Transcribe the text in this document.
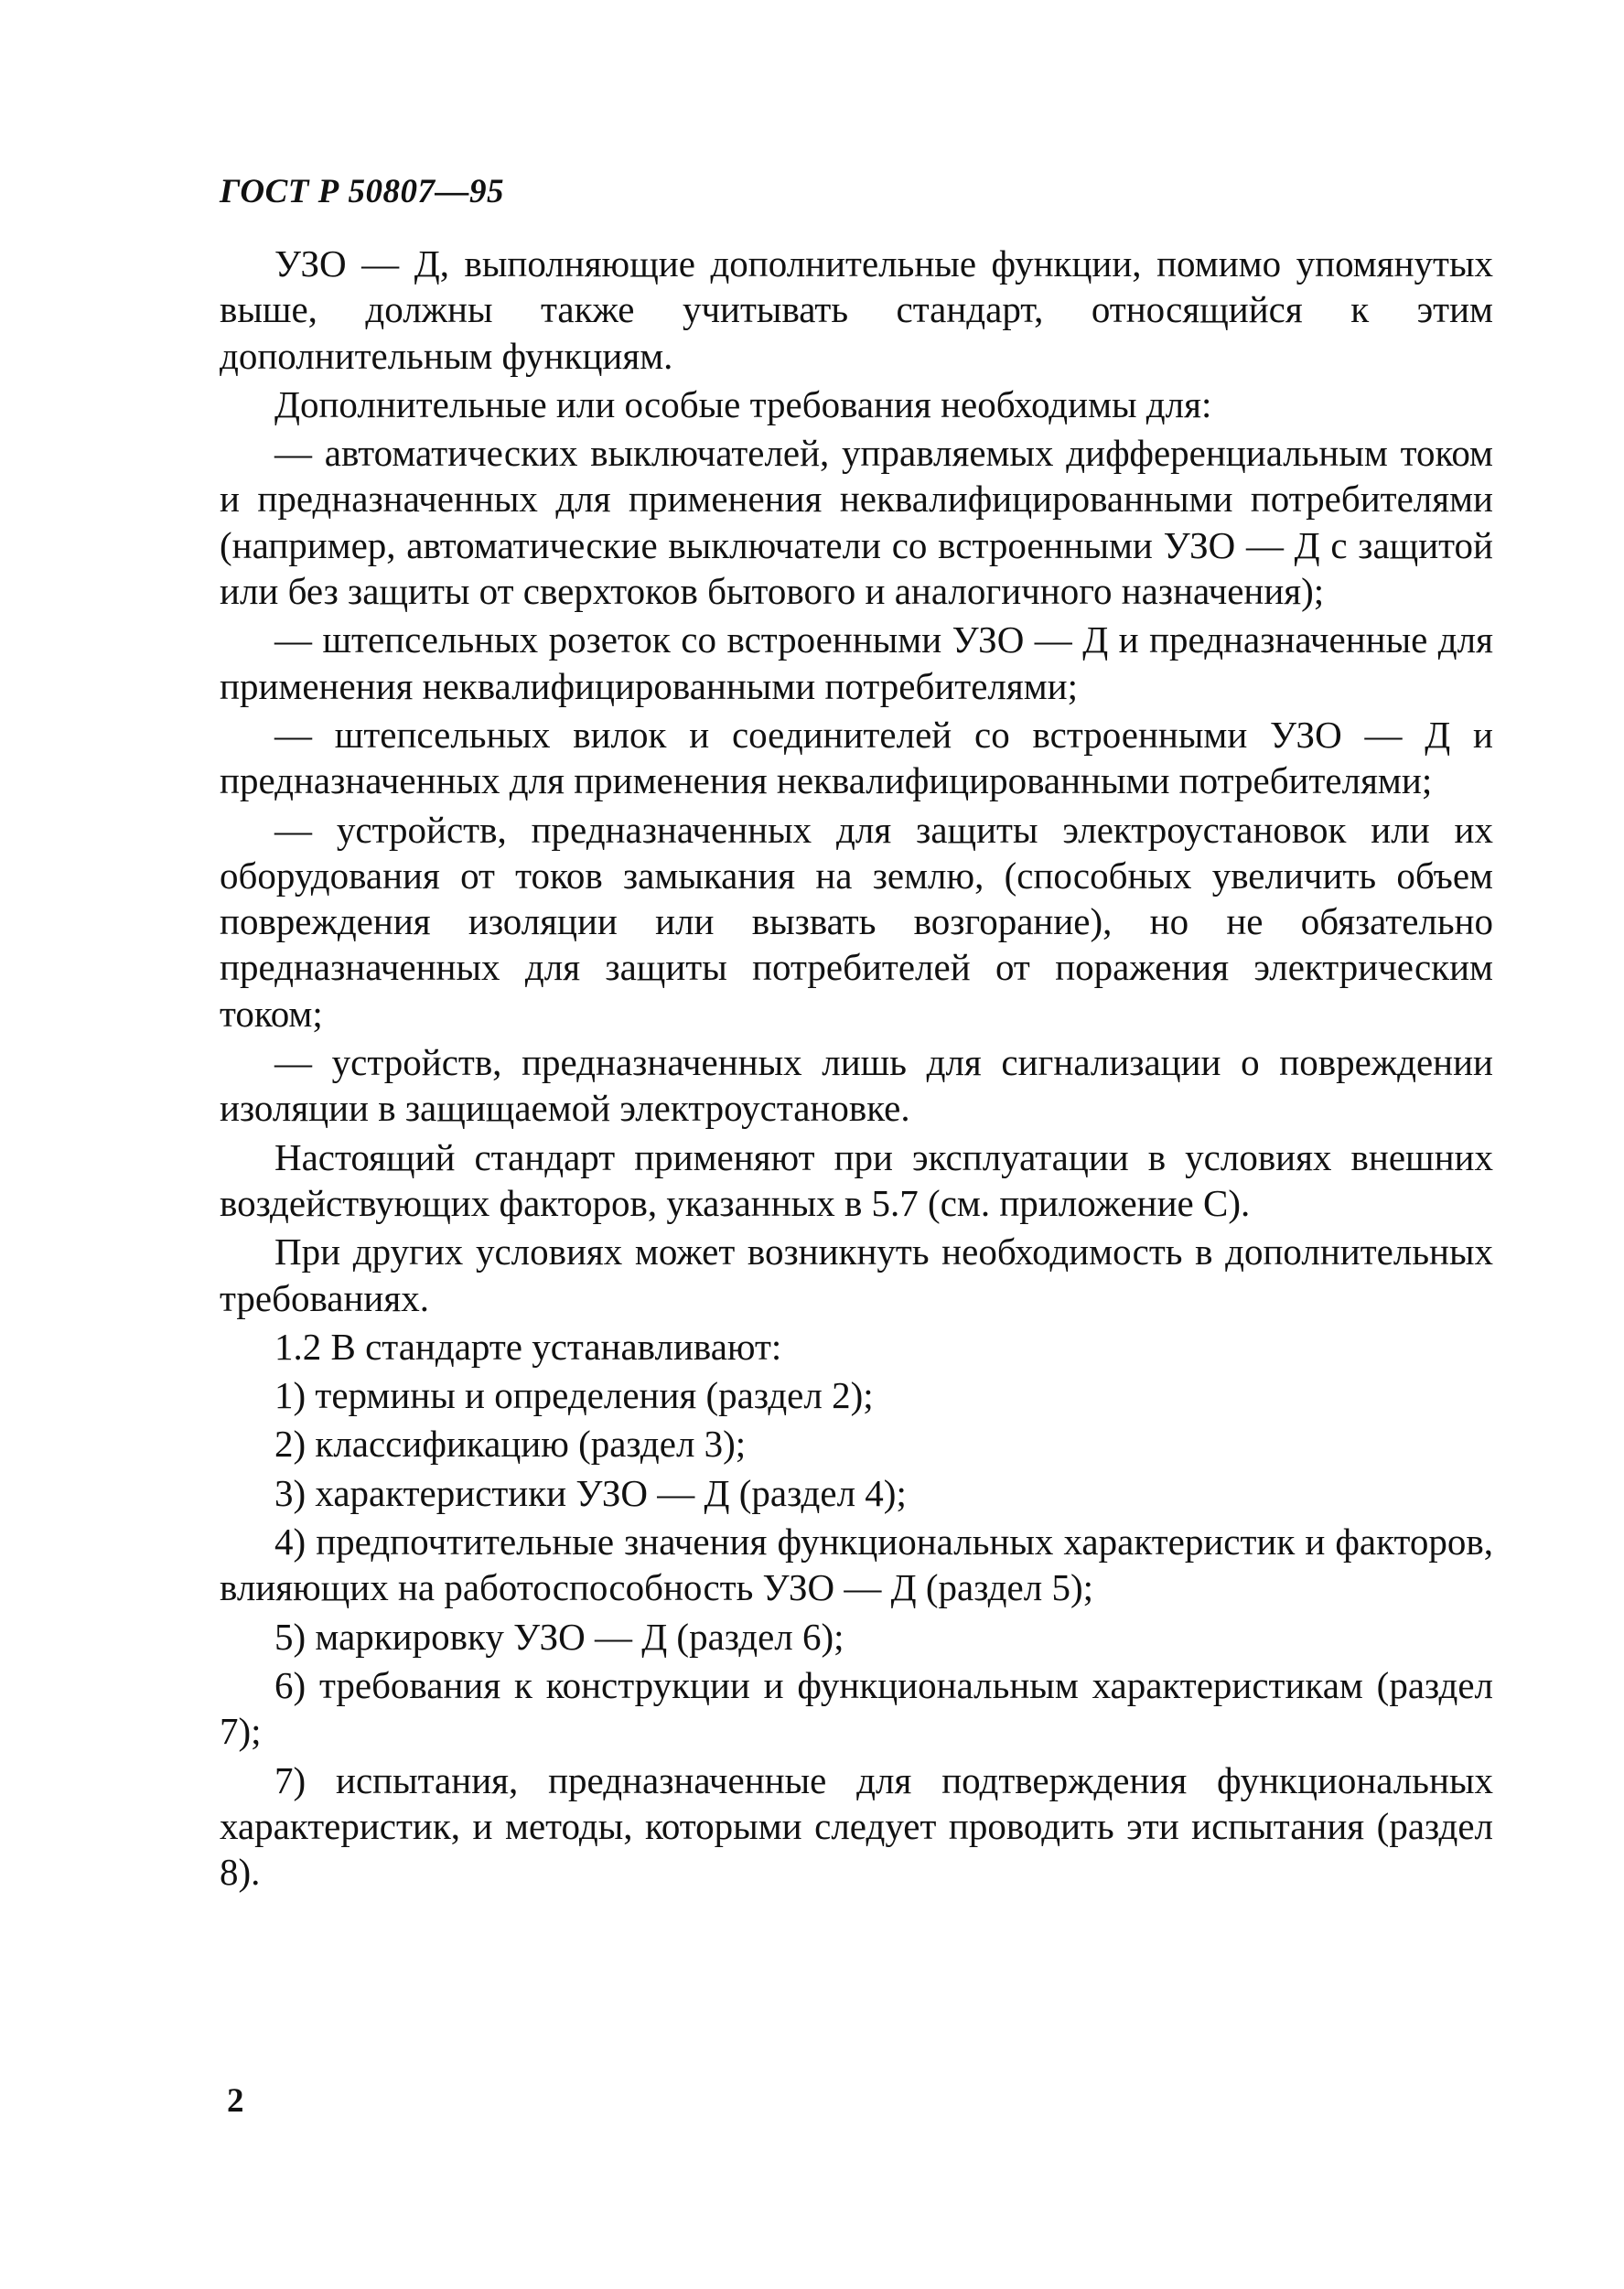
ГОСТ Р 50807—95

УЗО — Д, выполняющие дополнительные функции, помимо упомянутых выше, должны также учитывать стандарт, относящийся к этим дополнительным функциям.

Дополнительные или особые требования необходимы для:

— автоматических выключателей, управляемых дифференциальным током и предназначенных для применения неквалифицированными потребителями (например, автоматические выключатели со встроенными УЗО — Д с защитой или без защиты от сверхтоков бытового и аналогичного назначения);

— штепсельных розеток со встроенными УЗО — Д и предназначенные для применения неквалифицированными потребителями;

— штепсельных вилок и соединителей со встроенными УЗО — Д и предназначенных для применения неквалифицированными потребителями;

— устройств, предназначенных для защиты электроустановок или их оборудования от токов замыкания на землю, (способных увеличить объем повреждения изоляции или вызвать возгорание), но не обязательно предназначенных для защиты потребителей от поражения электрическим током;

— устройств, предназначенных лишь для сигнализации о повреждении изоляции в защищаемой электроустановке.

Настоящий стандарт применяют при эксплуатации в условиях внешних воздействующих факторов, указанных в 5.7 (см. приложение С).

При других условиях может возникнуть необходимость в дополнительных требованиях.

1.2 В стандарте устанавливают:

1) термины и определения (раздел 2);

2) классификацию (раздел 3);

3) характеристики УЗО — Д (раздел 4);

4) предпочтительные значения функциональных характеристик и факторов, влияющих на работоспособность УЗО — Д (раздел 5);

5) маркировку УЗО — Д (раздел 6);

6) требования к конструкции и функциональным характеристикам (раздел 7);

7) испытания, предназначенные для подтверждения функциональных характеристик, и методы, которыми следует проводить эти испытания (раздел 8).

2
